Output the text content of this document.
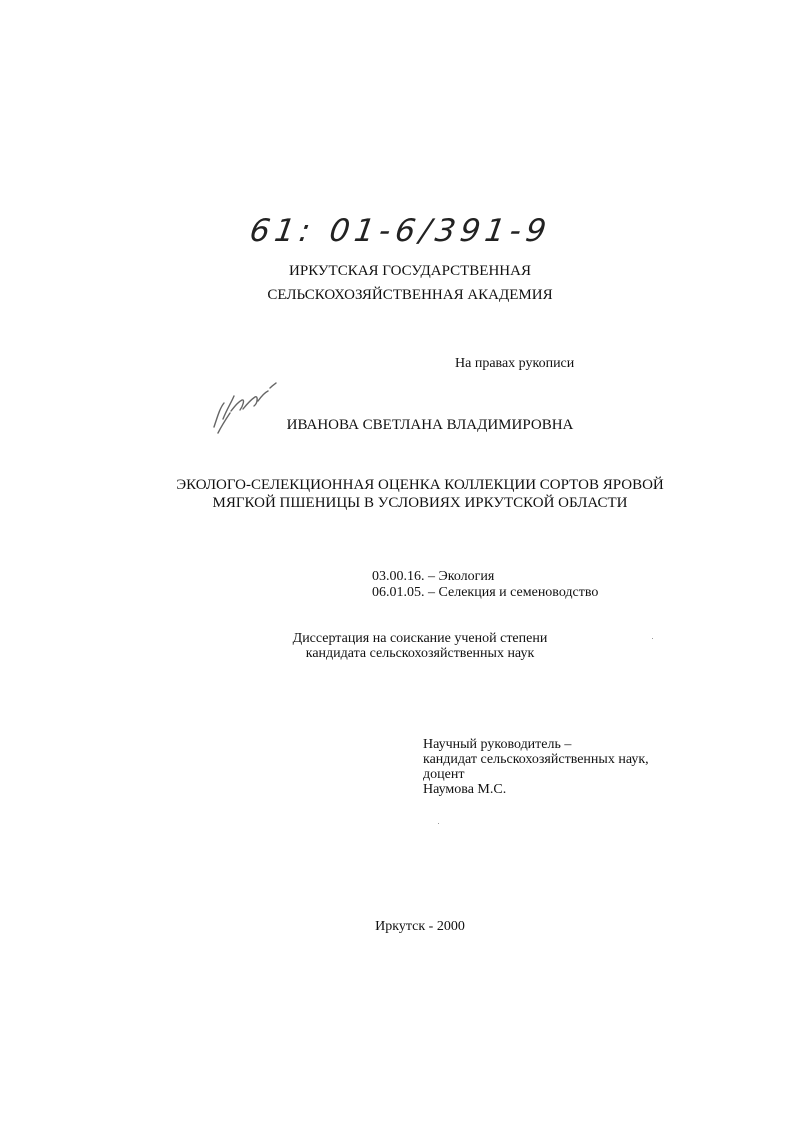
61: 01-6/391-9
ИРКУТСКАЯ ГОСУДАРСТВЕННАЯ
СЕЛЬСКОХОЗЯЙСТВЕННАЯ АКАДЕМИЯ
На правах рукописи
ИВАНОВА СВЕТЛАНА ВЛАДИМИРОВНА
ЭКОЛОГО-СЕЛЕКЦИОННАЯ ОЦЕНКА КОЛЛЕКЦИИ СОРТОВ ЯРОВОЙ
МЯГКОЙ ПШЕНИЦЫ В УСЛОВИЯХ ИРКУТСКОЙ ОБЛАСТИ
03.00.16. – Экология
06.01.05. – Селекция и семеноводство
Диссертация на соискание ученой степени
кандидата сельскохозяйственных наук
Научный руководитель –
кандидат сельскохозяйственных наук,
доцент
Наумова М.С.
Иркутск - 2000
